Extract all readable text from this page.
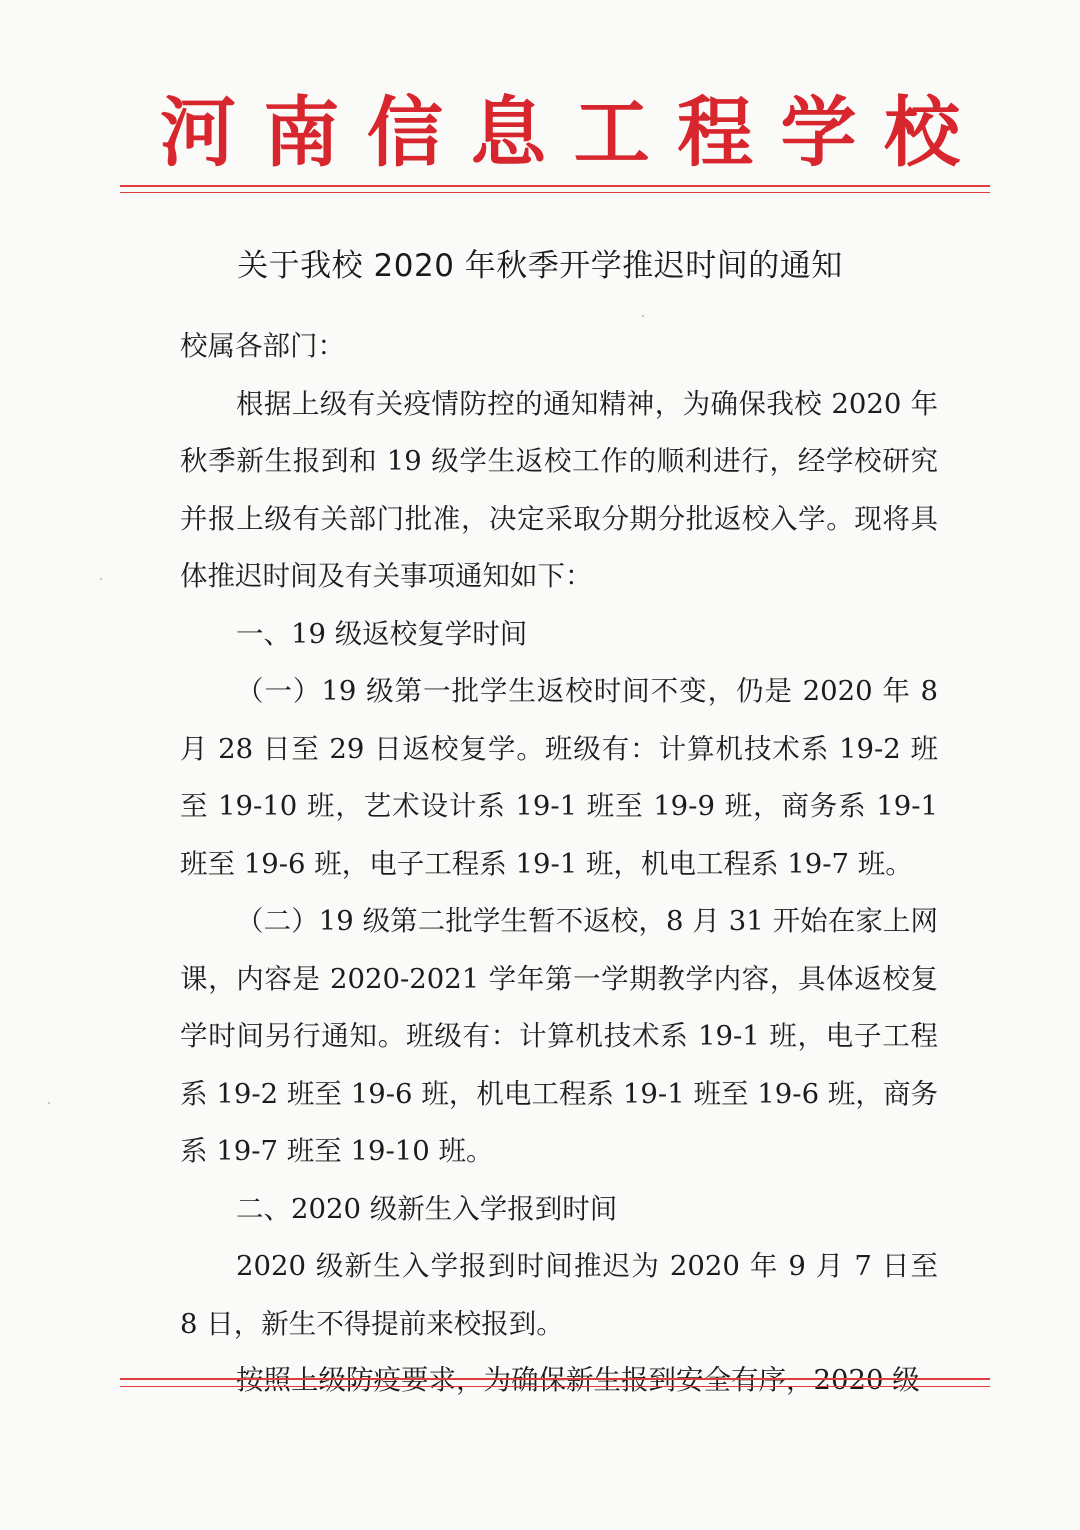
河 南 信 息 工 程 学 校
关于我校 2020 年秋季开学推迟时间的通知

校属各部门：

根据上级有关疫情防控的通知精神，为确保我校 2020 年秋季新生报到和 19 级学生返校工作的顺利进行，经学校研究并报上级有关部门批准，决定采取分期分批返校入学。现将具体推迟时间及有关事项通知如下：

一、19 级返校复学时间

（一）19 级第一批学生返校时间不变，仍是 2020 年 8 月 28 日至 29 日返校复学。班级有：计算机技术系 19-2 班至 19-10 班，艺术设计系 19-1 班至 19-9 班，商务系 19-1 班至 19-6 班，电子工程系 19-1 班，机电工程系 19-7 班。

（二）19 级第二批学生暂不返校，8 月 31 开始在家上网课，内容是 2020-2021 学年第一学期教学内容，具体返校复学时间另行通知。班级有：计算机技术系 19-1 班，电子工程系 19-2 班至 19-6 班，机电工程系 19-1 班至 19-6 班，商务系 19-7 班至 19-10 班。

二、2020 级新生入学报到时间

2020 级新生入学报到时间推迟为 2020 年 9 月 7 日至 8 日，新生不得提前来校报到。

按照上级防疫要求，为确保新生报到安全有序，2020 级
